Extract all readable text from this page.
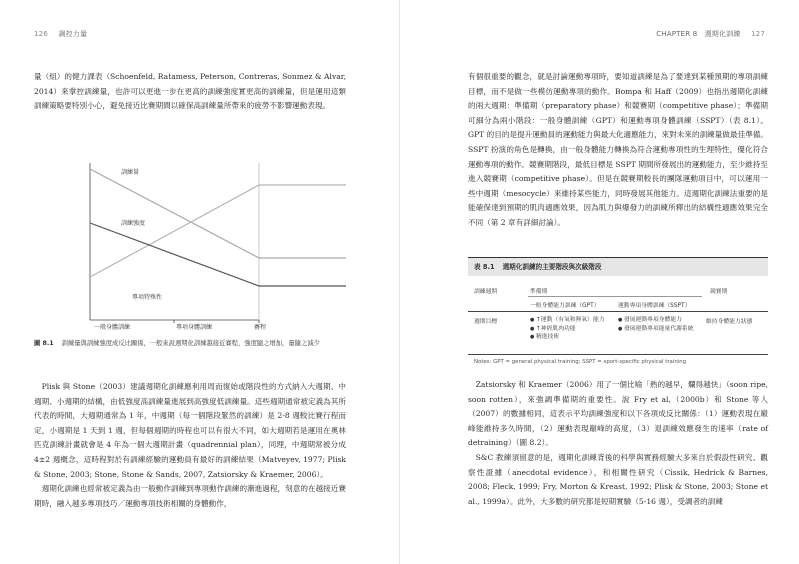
126 調控力量

量（組）的健力課表（Schoenfeld, Ratamess, Peterson, Contreras, Sonmez & Alvar, 2014）來掌控訓練量，也許可以更進一步在更高的訓練強度實更高的訓練量，但是運用這類訓練策略要特別小心，避免接近比賽期間以確保高訓練量所帶來的疲勞不影響運動表現。

訓練量
訓練強度
專項特殊性
一般身體訓練	專項身體訓練	賽程
圖 8.1 訓練量與訓練強度成反比關係，一般來說週期化訓練越接近賽程，強度隨之增加，量隨之減少

Plisk 與 Stone（2003）建議週期化訓練應利用周而復始或階段性的方式納入大週期、中週期、小週期的結構，由低強度高訓練量進展到高強度低訓練量。這些週期通常被定義為其所代表的時間，大週期通常為 1 年，中週期（每一個階段緊然的訓練）是 2-8 週較比賽行程而定，小週期是 1 天到 1 週，但每個週期的時程也可以有很大不同，如大週期若是運用在奧林匹克訓練計畫就會是 4 年為一個大週期計畫（quadrennial plan），同理，中週期常被分成 4±2 週概念，這時程對於有訓練經驗的運動員有最好的訓練結果（Matveyev, 1977; Plisk & Stone, 2003; Stone, Stone & Sands, 2007, Zatsiorsky & Kraemer, 2006）。

週期化訓練也經常被定義為由一般動作訓練到專項動作訓練的漸進過程，刻意的在越接近賽期時，融入越多專項技巧／運動專項技術相關的身體動作，

CHAPTER 8　週期化訓練 127

有個很重要的觀念，就是討論運動專項時，要知道訓練是為了要達到某種預期的專項訓練目標，而不是做一些模仿運動專項的動作。Bompa 和 Haff（2009）也指出週期化訓練的兩大週期：準備期（preparatory phase）和競賽期（competitive phase）；準備期可細分為兩小階段：一般身體訓練（GPT）和運動專項身體訓練（SSPT）（表 8.1）。GPT 的目的是提升運動員的運動能力與最大化適應能力，來對未來的訓練量做最佳準備。SSPT 扮演的角色是轉換，由一般身體能力轉換為符合運動專項性的生理特性，優化符合運動專項的動作。競賽期階段，最低目標是 SSPT 期間所發展出的運動能力，至少維持至進入競賽期（competitive phase）。但是在競賽期較長的團隊運動項目中，可以運用一些中週期（mesocycle）來維持某些能力，同時發展其他能力。這週期化訓練法重要的是能確保達到預期的肌肉適應效果，因為肌力與爆發力的訓練所釋出的結構性適應效果完全不同（第 2 章有詳細討論）。

表 8.1 週期化訓練的主要階段與次級階段
訓練週期	準備期	競賽期
一般身體能力訓練（GPT）	運動專項身體訓練（SSPT）
週期目標
●	↑運動（有氧和無氧）能力
● ↑神經肌肉功能
● 精進技術
● 發展運動專項身體能力
● 發展運動專項能量代謝系統
維持身體能力狀態
Notes: GPT = general physical training; SSPT = sport-specific physical training

Zatsiorsky 和 Kraemer（2006）用了一個比喻「熟的越早，爛得越快」（soon ripe, soon rotten），來強調準備期的重要性。說 Fry et al,（2000b）和 Stone 等人（2007）的數據相同，這表示平均訓練強度和以下各項成反比關係：（1）運動表現在巔峰能維持多久時間，（2）運動表現巔峰的高度，（3）退訓練效應發生的速率（rate of detraining）（圖 8.2）。

S&C 教練須留意的是，週期化訓練背後的科學與實務經驗大多來自於假設性研究、觀察性證據（anecdotal evidence），和相關性研究（Cissik, Hedrick & Barnes, 2008; Fleck, 1999; Fry, Morton & Kreast, 1992; Plisk & Stone, 2003; Stone et al., 1999a）。此外，大多數的研究都是短期實驗（5-16 週），受調者的訓練
